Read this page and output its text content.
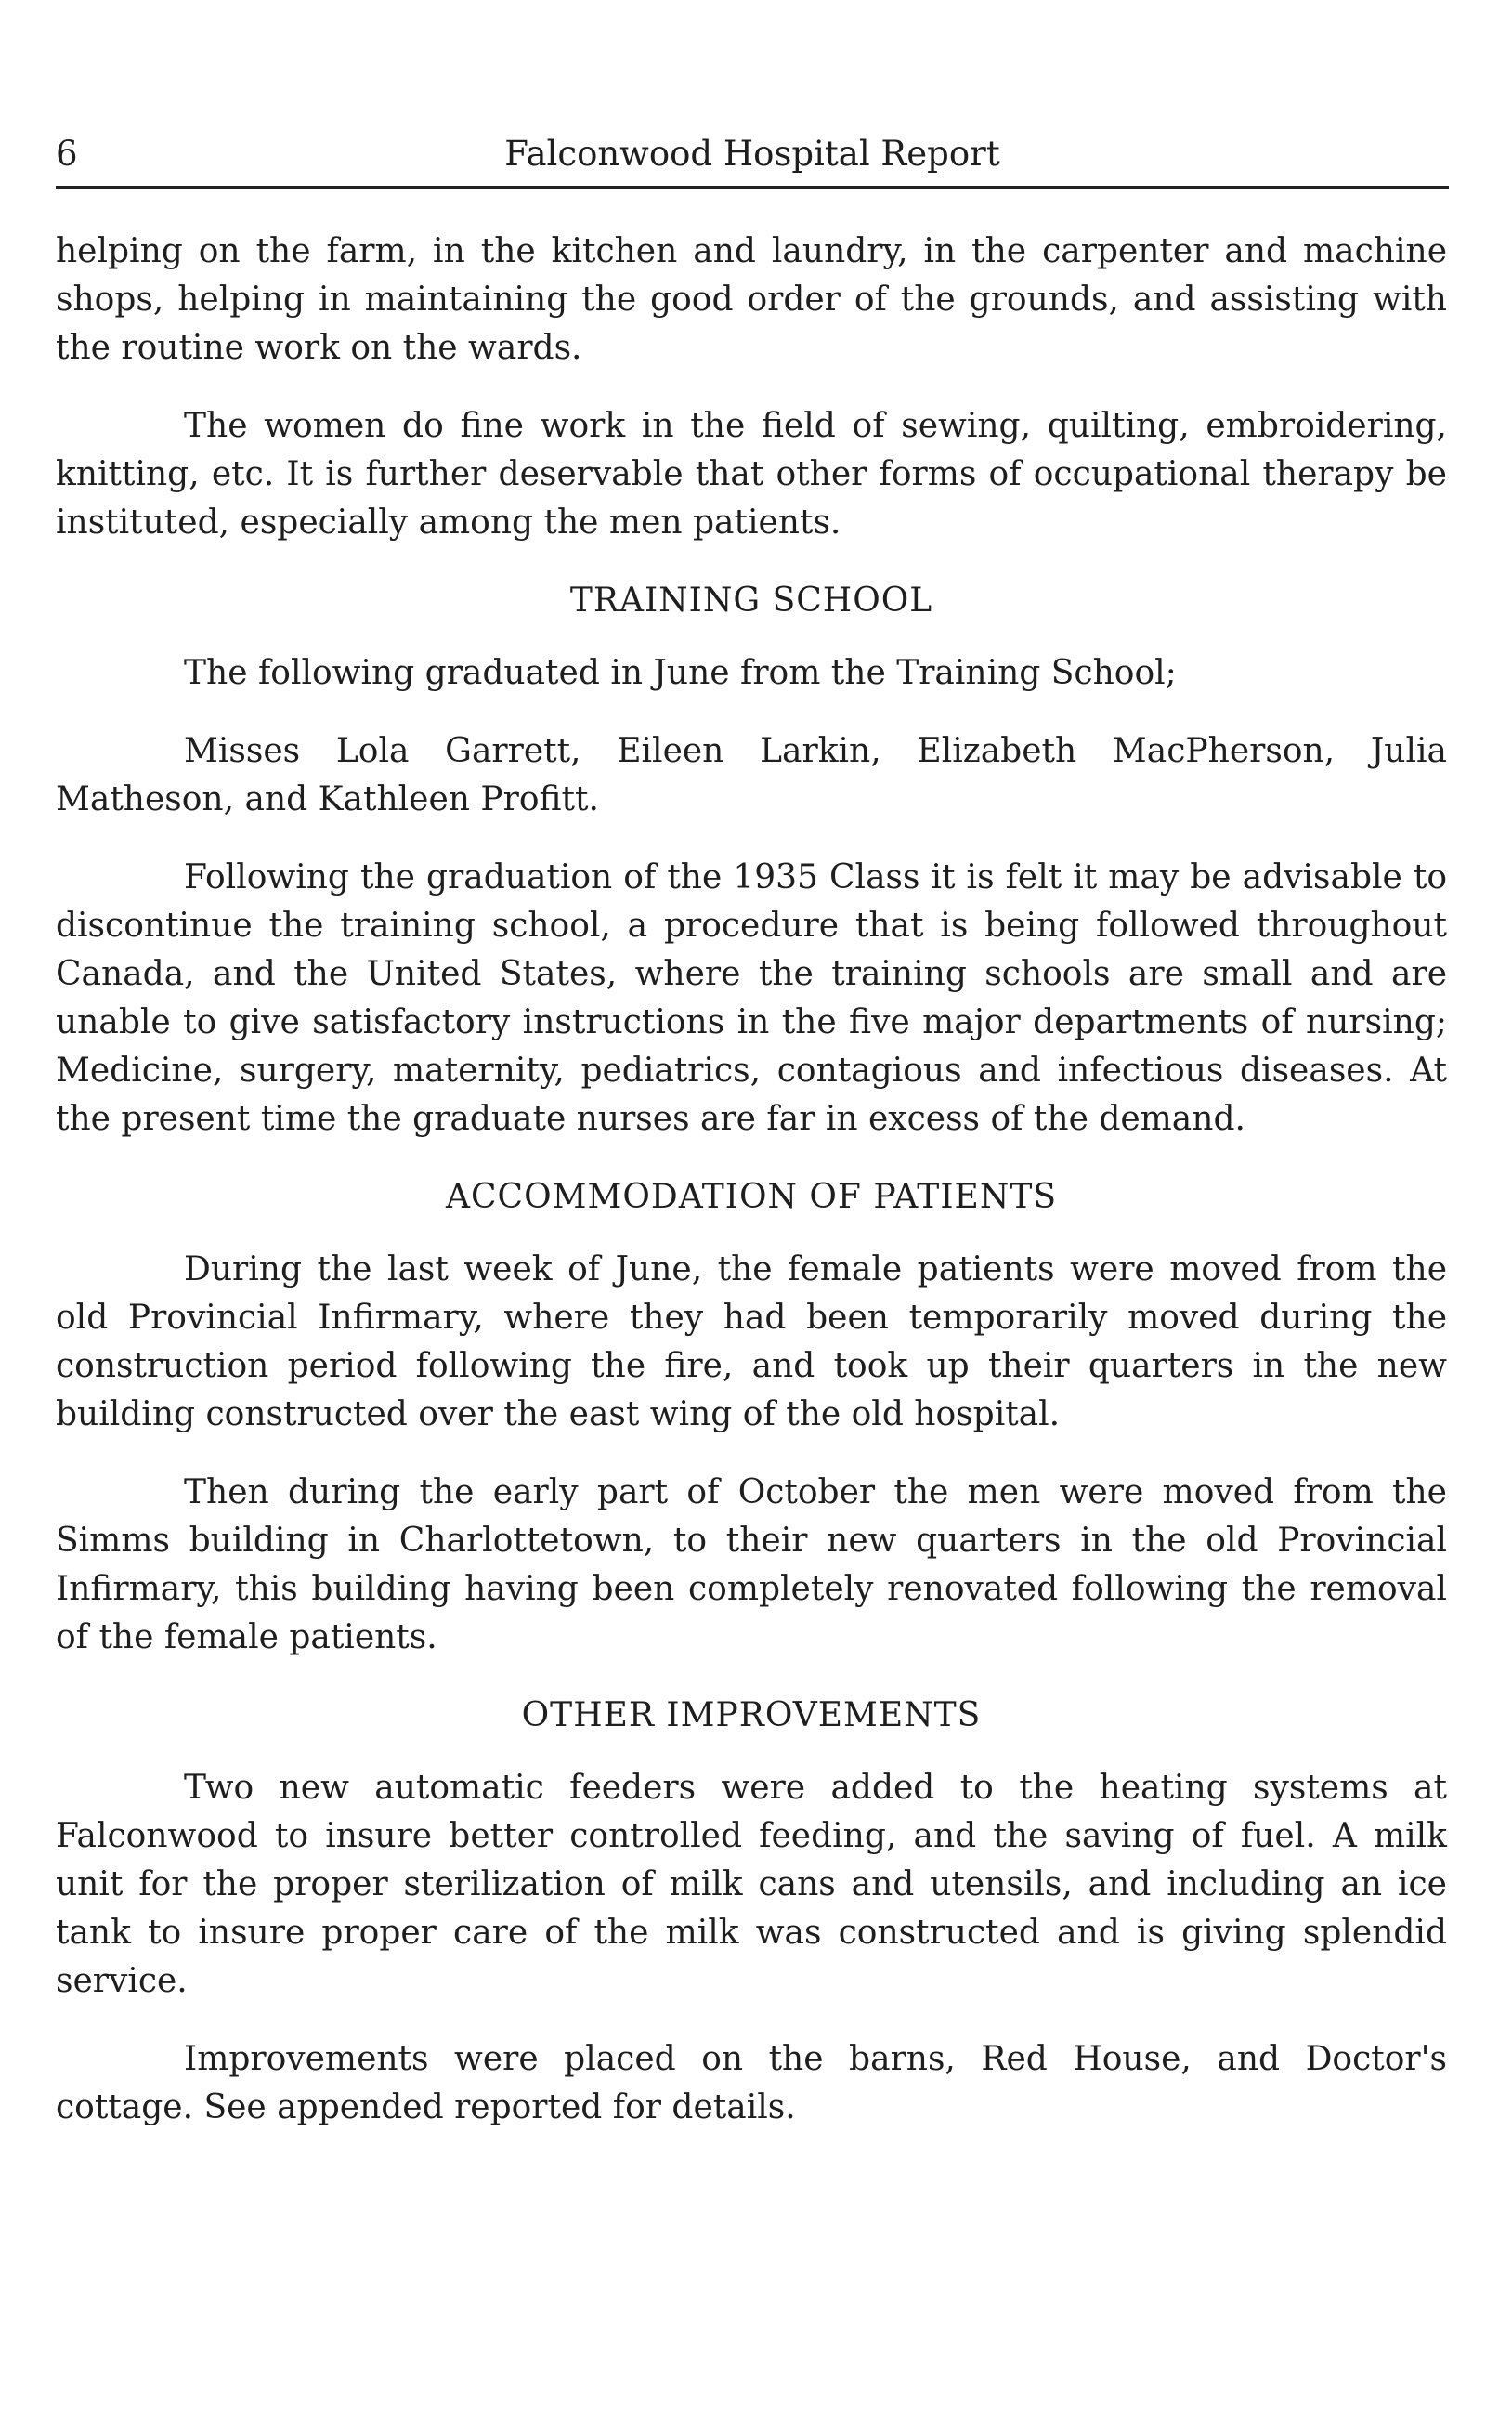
6	Falconwood Hospital Report

helping on the farm, in the kitchen and laundry, in the carpenter and machine shops, helping in maintaining the good order of the grounds, and assisting with the routine work on the wards.

The women do fine work in the field of sewing, quilting, embroidering, knitting, etc. It is further deservable that other forms of occupational therapy be instituted, especially among the men patients.

TRAINING SCHOOL

The following graduated in June from the Training School;

Misses Lola Garrett, Eileen Larkin, Elizabeth MacPherson, Julia Matheson, and Kathleen Profitt.

Following the graduation of the 1935 Class it is felt it may be advisable to discontinue the training school, a procedure that is being followed throughout Canada, and the United States, where the training schools are small and are unable to give satisfactory instructions in the five major departments of nursing; Medicine, surgery, maternity, pediatrics, contagious and infectious diseases. At the present time the graduate nurses are far in excess of the demand.

ACCOMMODATION OF PATIENTS

During the last week of June, the female patients were moved from the old Provincial Infirmary, where they had been temporarily moved during the construction period following the fire, and took up their quarters in the new building constructed over the east wing of the old hospital.

Then during the early part of October the men were moved from the Simms building in Charlottetown, to their new quarters in the old Provincial Infirmary, this building having been completely renovated following the removal of the female patients.

OTHER IMPROVEMENTS

Two new automatic feeders were added to the heating systems at Falconwood to insure better controlled feeding, and the saving of fuel. A milk unit for the proper sterilization of milk cans and utensils, and including an ice tank to insure proper care of the milk was constructed and is giving splendid service.

Improvements were placed on the barns, Red House, and Doctor's cottage. See appended reported for details.
